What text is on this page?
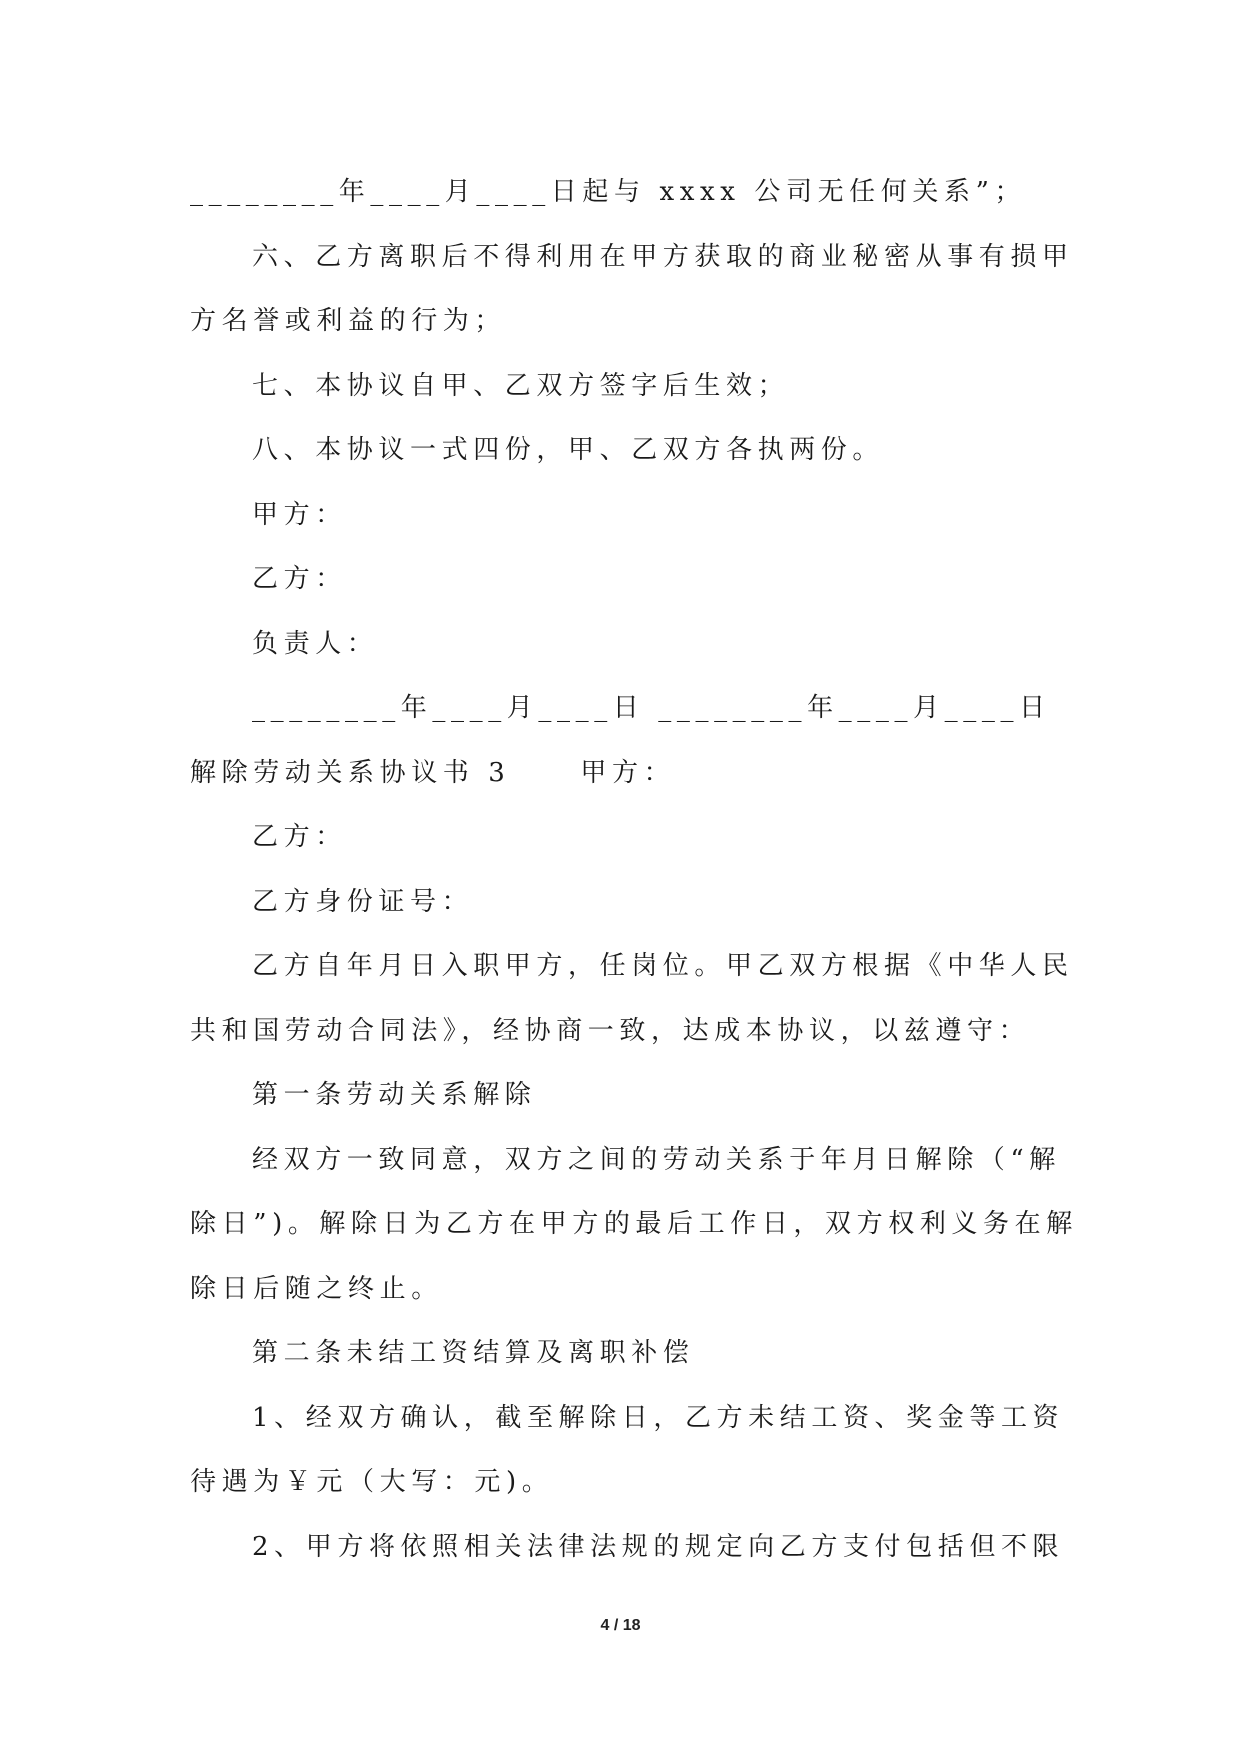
________年____月____日起与 xxxx 公司无任何关系”；

六、乙方离职后不得利用在甲方获取的商业秘密从事有损甲

方名誉或利益的行为；

七、本协议自甲、乙双方签字后生效；

八、本协议一式四份，甲、乙双方各执两份。

甲方：

乙方：

负责人：

________年____月____日 ________年____月____日

解除劳动关系协议书 3	甲方：

乙方：

乙方身份证号：

乙方自年月日入职甲方，任岗位。甲乙双方根据《中华人民

共和国劳动合同法》，经协商一致，达成本协议，以兹遵守：

第一条劳动关系解除

经双方一致同意，双方之间的劳动关系于年月日解除（“解

除日”)。解除日为乙方在甲方的最后工作日，双方权利义务在解

除日后随之终止。

第二条未结工资结算及离职补偿

1、经双方确认，截至解除日，乙方未结工资、奖金等工资

待遇为￥元（大写：元)。

2、甲方将依照相关法律法规的规定向乙方支付包括但不限

4 / 18
